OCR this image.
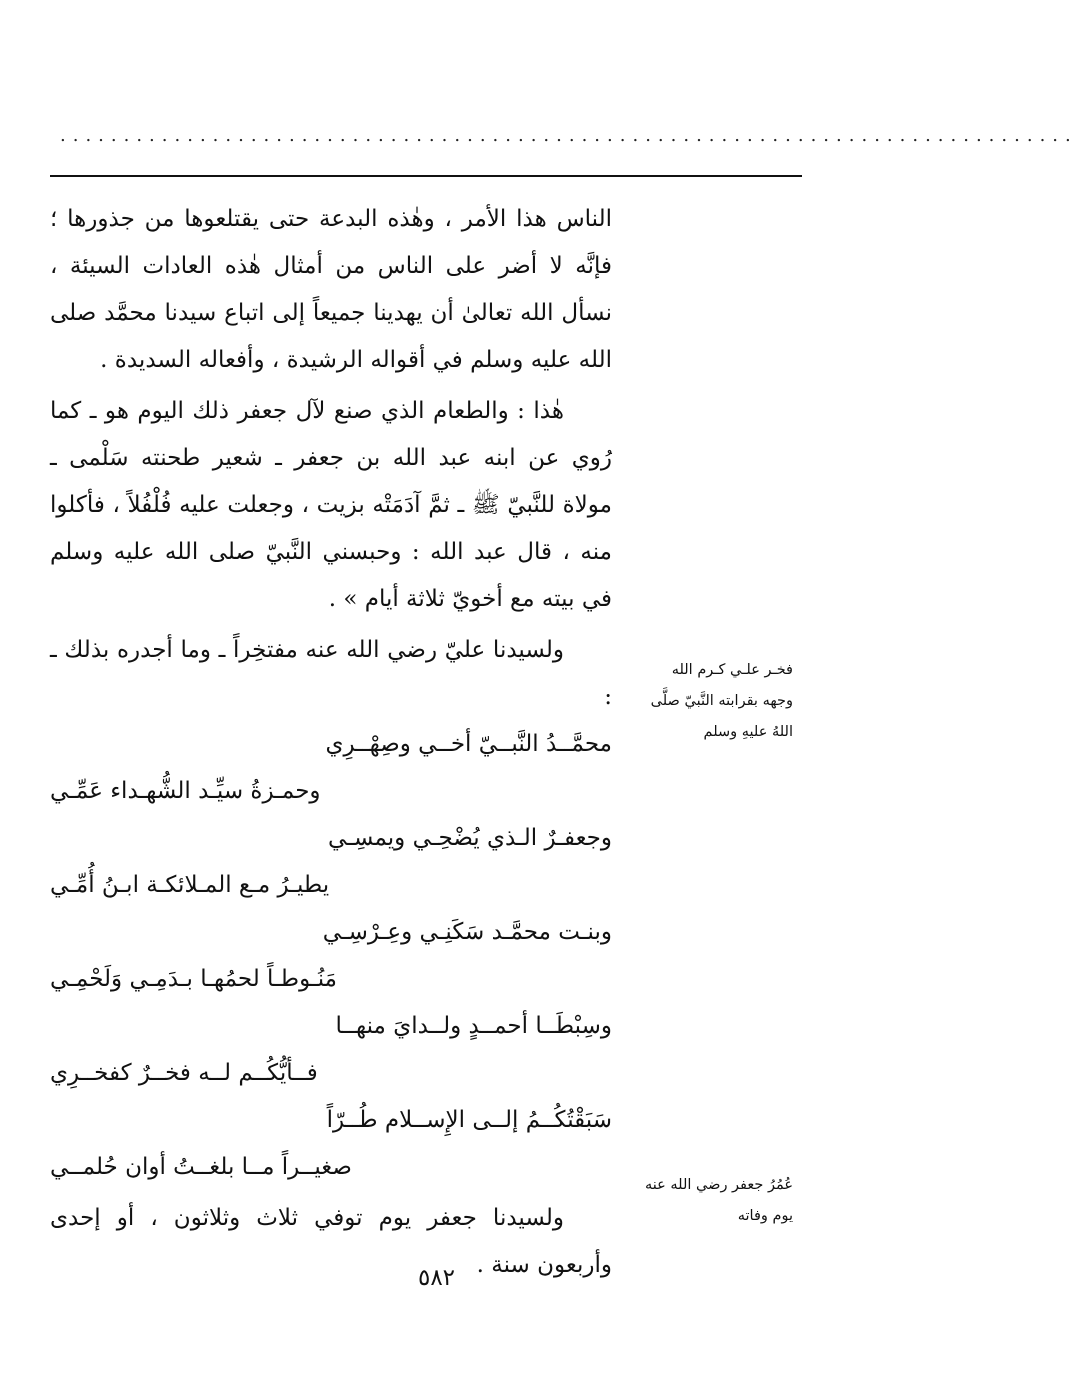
................................................................................

الناس هذا الأمر ، وهٰذه البدعة حتى يقتلعوها من جذورها ؛ فإنَّه لا أضر على الناس من أمثال هٰذه العادات السيئة ، نسأل الله تعالىٰ أن يهدينا جميعاً إلى اتباع سيدنا محمَّد صلى الله عليه وسلم في أقواله الرشيدة ، وأفعاله السديدة .

هٰذا : والطعام الذي صنع لآل جعفر ذلك اليوم هو ـ كما رُوي عن ابنه عبد الله بن جعفر ـ شعير طحنته سَلْمى ـ مولاة للنَّبيّ ﷺ ـ ثمَّ آدَمَتْه بزيت ، وجعلت عليه فُلْفُلاً ، فأكلوا منه ، قال عبد الله : وحبسني النَّبيّ صلى الله عليه وسلم في بيته مع أخويّ ثلاثة أيام » .

ولسيدنا عليّ رضي الله عنه مفتخِراً ـ وما أجدره بذلك ـ :

محمَّــدُ النَّبــيّ أخــي وصِهْــرِي
وحمـزةُ سيِّـد الشُّهـداء عَمِّـي
وجعفـرٌ الـذي يُضْحِـي ويمسِـي
يطيـرُ مـع المـلائكـة ابـنُ أُمِّـي
وبنـت محمَّـد سَكَنِـي وعِـرْسِـي
مَنُـوطـاً لحمُهـا بـدَمِـي وَلَحْمِـي
وسِبْطَــا أحمــدٍ ولــدايَ منهــا
فــأيُّكُــم لــه فخــرٌ كفخــرِي
سَبَقْتُكُــمُ إلــى الإِســلام طُــرّاً
صغيــراً مــا بلغــتُ أوان حُلمــي

ولسيدنا جعفر يوم توفي ثلاث وثلاثون ، أو إحدى وأربعون سنة .

فخـر علـي كـرم الله وجهه بقرابته النَّبيّ صلَّى اللهُ عليهِ وسلم
عُمُرُ جعفر رضي الله عنه يوم وفاته
٥٨٢
